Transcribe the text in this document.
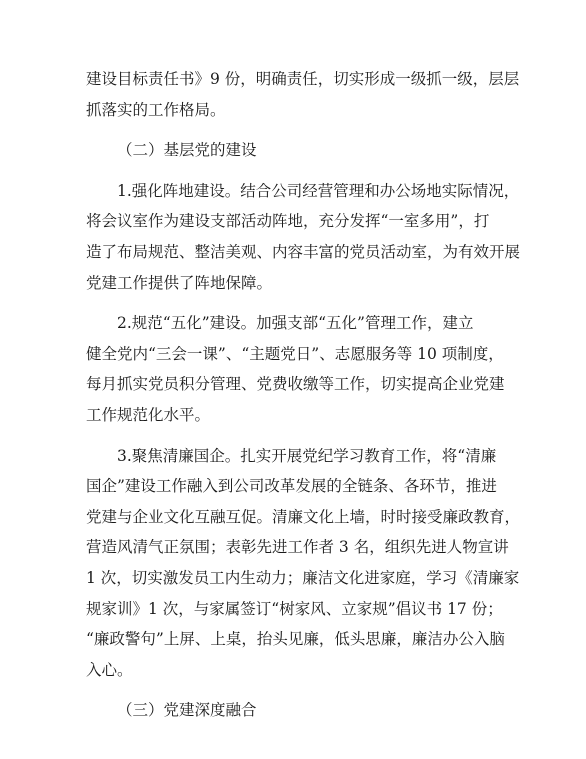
建设目标责任书》9 份，明确责任，切实形成一级抓一级，层层
抓落实的工作格局。
（二）基层党的建设
1.强化阵地建设。结合公司经营管理和办公场地实际情况，
将会议室作为建设支部活动阵地，充分发挥“一室多用”，打
造了布局规范、整洁美观、内容丰富的党员活动室，为有效开展
党建工作提供了阵地保障。
2.规范“五化”建设。加强支部“五化”管理工作，建立
健全党内“三会一课”、“主题党日”、志愿服务等 10 项制度，
每月抓实党员积分管理、党费收缴等工作，切实提高企业党建
工作规范化水平。
3.聚焦清廉国企。扎实开展党纪学习教育工作，将“清廉
国企”建设工作融入到公司改革发展的全链条、各环节，推进
党建与企业文化互融互促。清廉文化上墙，时时接受廉政教育，
营造风清气正氛围；表彰先进工作者 3 名，组织先进人物宣讲
1 次，切实激发员工内生动力；廉洁文化进家庭，学习《清廉家
规家训》1 次，与家属签订“树家风、立家规”倡议书 17 份；
“廉政警句”上屏、上桌，抬头见廉，低头思廉，廉洁办公入脑
入心。
（三）党建深度融合
